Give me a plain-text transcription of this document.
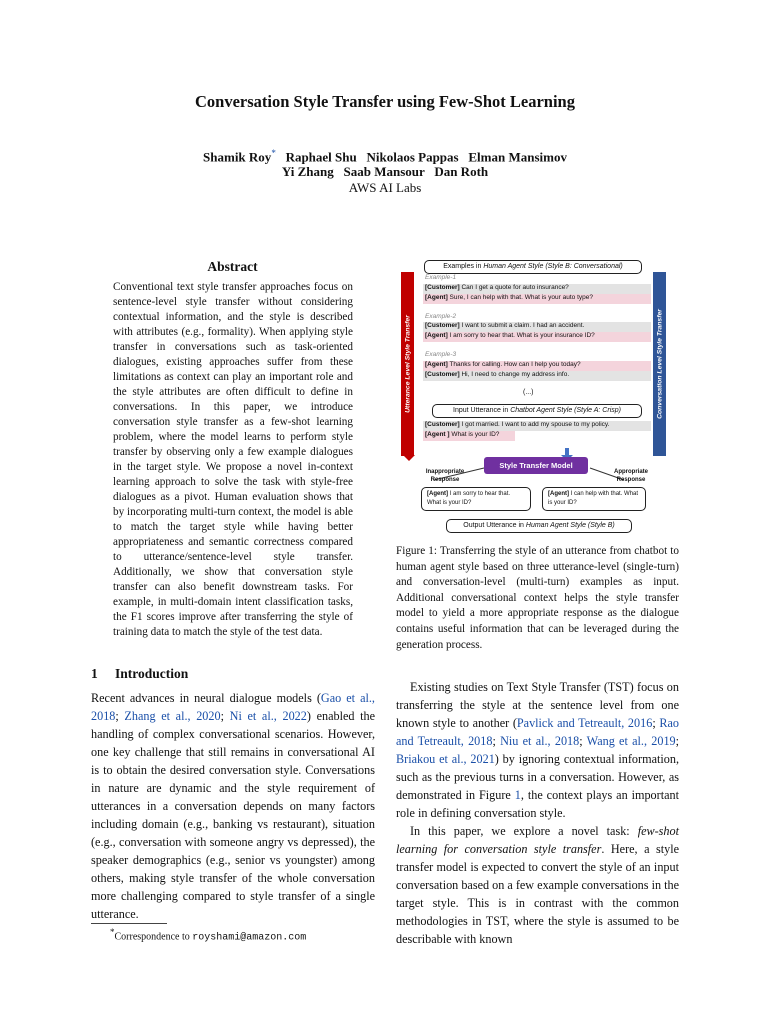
Conversation Style Transfer using Few-Shot Learning
Shamik Roy* Raphael Shu Nikolaos Pappas Elman Mansimov
Yi Zhang Saab Mansour Dan Roth
AWS AI Labs
Abstract
Conventional text style transfer approaches focus on sentence-level style transfer without considering contextual information, and the style is described with attributes (e.g., formality). When applying style transfer in conversations such as task-oriented dialogues, existing approaches suffer from these limitations as context can play an important role and the style attributes are often difficult to define in conversations. In this paper, we introduce conversation style transfer as a few-shot learning problem, where the model learns to perform style transfer by observing only a few example dialogues in the target style. We propose a novel in-context learning approach to solve the task with style-free dialogues as a pivot. Human evaluation shows that by incorporating multi-turn context, the model is able to match the target style while having better appropriateness and semantic correctness compared to utterance/sentence-level style transfer. Additionally, we show that conversation style transfer can also benefit downstream tasks. For example, in multi-domain intent classification tasks, the F1 scores improve after transferring the style of training data to match the style of the test data.
1 Introduction

Recent advances in neural dialogue models (Gao et al., 2018; Zhang et al., 2020; Ni et al., 2022) enabled the handling of complex conversational scenarios. However, one key challenge that still remains in conversational AI is to obtain the desired conversation style. Conversations in nature are dynamic and the style requirement of utterances in a conversation depends on many factors including domain (e.g., banking vs restaurant), situation (e.g., conversation with someone angry vs depressed), the speaker demographics (e.g., senior vs youngster) among others, making style transfer of the whole conversation more challenging compared to style transfer of a single utterance.

Existing studies on Text Style Transfer (TST) focus on transferring the style at the sentence level from one known style to another (Pavlick and Tetreault, 2016; Rao and Tetreault, 2018; Niu et al., 2018; Wang et al., 2019; Briakou et al., 2021) by ignoring contextual information, such as the previous turns in a conversation. However, as demonstrated in Figure 1, the context plays an important role in defining conversation style.

In this paper, we explore a novel task: few-shot learning for conversation style transfer. Here, a style transfer model is expected to convert the style of an input conversation based on a few example conversations in the target style. This is in contrast with the common methodologies in TST, where the style is assumed to be describable with known

*Correspondence to royshami@amazon.com
Utterance Level Style Transfer	Conversation Level Style Transfer
Examples in Human Agent Style (Style B: Conversational)
Example-1
[Customer] Can I get a quote for auto insurance?
[Agent] Sure, I can help with that. What is your auto type?
Example-2
[Customer] I want to submit a claim. I had an accident.
[Agent] I am sorry to hear that. What is your insurance ID?
Example-3
[Agent] Thanks for calling. How can I help you today?
[Customer] Hi, I need to change my address info.
(...)
Input Utterance in Chatbot Agent Style (Style A: Crisp)
[Customer] I got married. I want to add my spouse to my policy.
[Agent ] What is your ID?
Style Transfer Model
Inappropriate
Response
Appropriate
Response
[Agent] I am sorry to hear that. What is your ID?
[Agent] I can help with that. What is your ID?
Output Utterance in Human Agent Style (Style B)
Figure 1: Transferring the style of an utterance from chatbot to human agent style based on three utterance-level (single-turn) and conversation-level (multi-turn) examples as input. Additional conversational context helps the style transfer model to yield a more appropriate response as the dialogue contains useful information that can be leveraged during the generation process.
